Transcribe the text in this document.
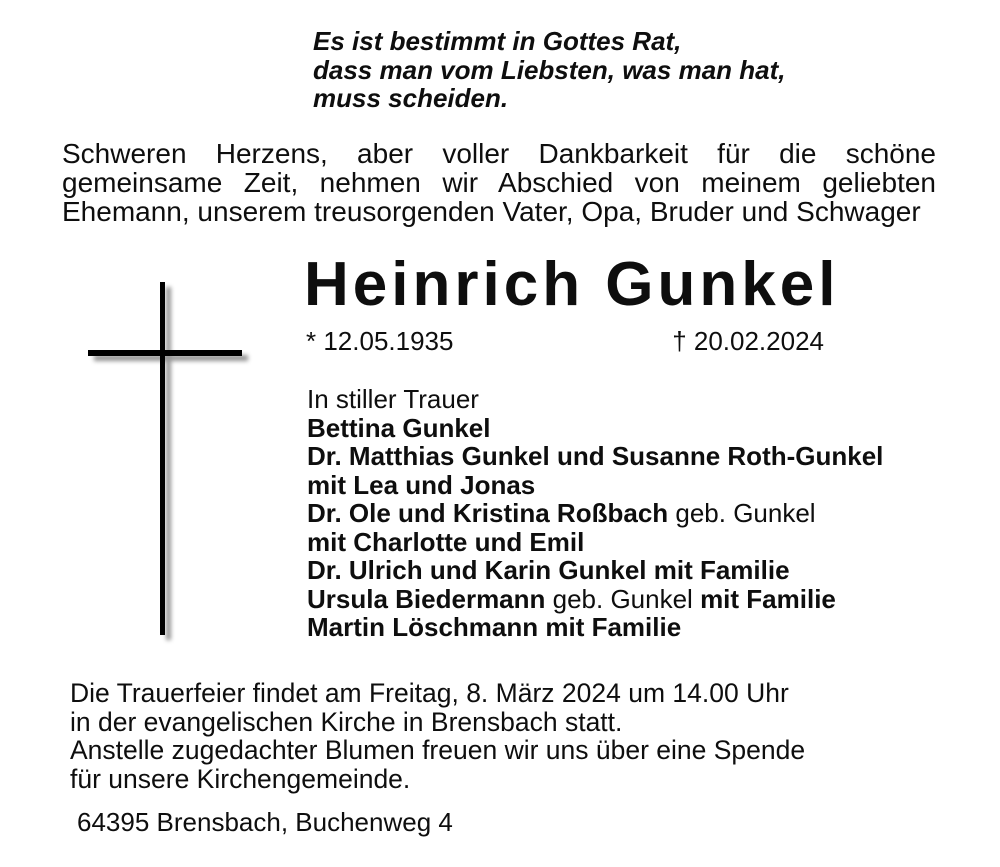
Es ist bestimmt in Gottes Rat,
dass man vom Liebsten, was man hat,
muss scheiden.
Schweren Herzens, aber voller Dankbarkeit für die schöne
gemeinsame Zeit, nehmen wir Abschied von meinem geliebten
Ehemann, unserem treusorgenden Vater, Opa, Bruder und Schwager
Heinrich Gunkel
* 12.05.1935	† 20.02.2024
In stiller Trauer
Bettina Gunkel
Dr. Matthias Gunkel und Susanne Roth-Gunkel
mit Lea und Jonas
Dr. Ole und Kristina Roßbach geb. Gunkel
mit Charlotte und Emil
Dr. Ulrich und Karin Gunkel mit Familie
Ursula Biedermann geb. Gunkel mit Familie
Martin Löschmann mit Familie
Die Trauerfeier findet am Freitag, 8. März 2024 um 14.00 Uhr
in der evangelischen Kirche in Brensbach statt.
Anstelle zugedachter Blumen freuen wir uns über eine Spende
für unsere Kirchengemeinde.
64395 Brensbach, Buchenweg 4
